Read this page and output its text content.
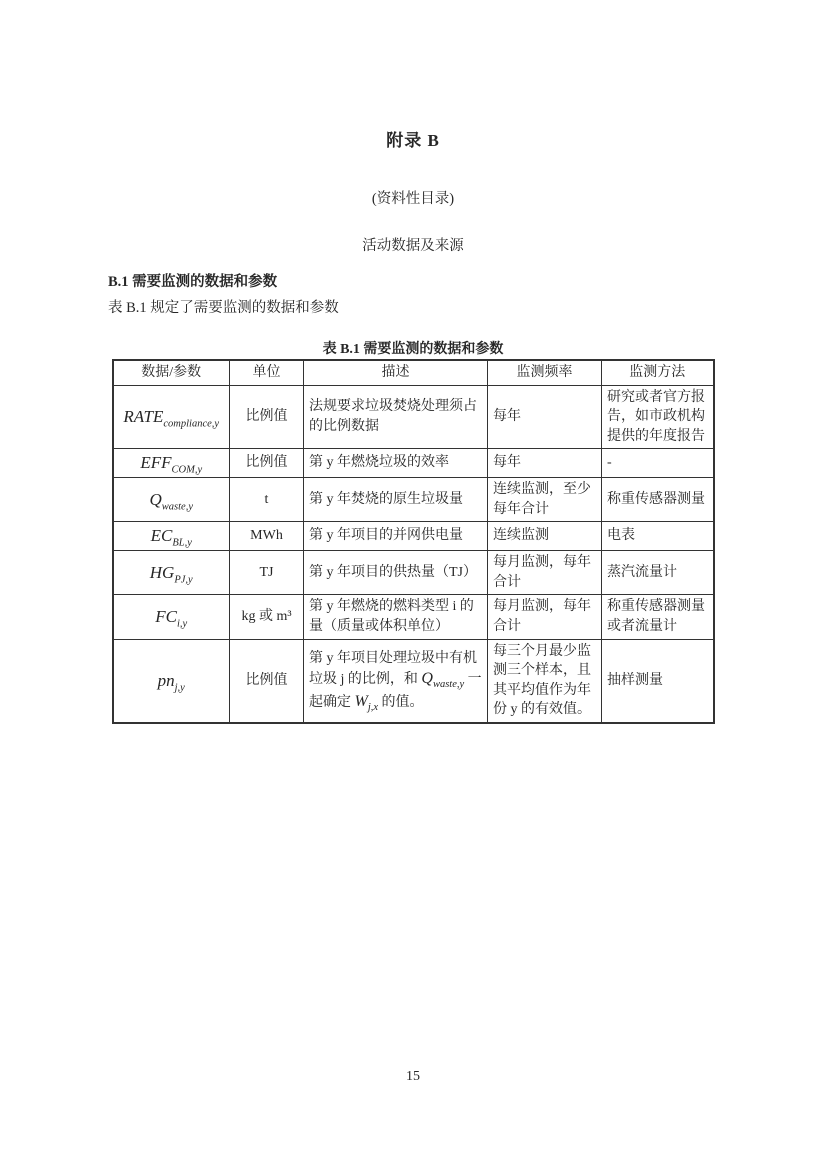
附录 B
(资料性目录)
活动数据及来源
B.1 需要监测的数据和参数
表 B.1 规定了需要监测的数据和参数
表 B.1 需要监测的数据和参数
数据/参数	单位	描述	监测频率	监测方法
$RATE_{compliance,y}$	比例值	法规要求垃圾焚烧处理须占的比例数据	每年	研究或者官方报告，如市政机构提供的年度报告
$EFF_{COM,y}$	比例值	第 y 年燃烧垃圾的效率	每年	-
$Q_{waste,y}$	t	第 y 年焚烧的原生垃圾量	连续监测，至少每年合计	称重传感器测量
$EC_{BL,y}$	MWh	第 y 年项目的并网供电量	连续监测	电表
$HG_{PJ,y}$	TJ	第 y 年项目的供热量（TJ）	每月监测，每年合计	蒸汽流量计
$FC_{i,y}$	kg 或 m³	第 y 年燃烧的燃料类型 i 的量（质量或体积单位）	每月监测，每年合计	称重传感器测量或者流量计
$pn_{j,y}$	比例值	第 y 年项目处理垃圾中有机垃圾 j 的比例，和 $Q_{waste,y}$ 一起确定 $W_{j,x}$ 的值。	每三个月最少监测三个样本，且其平均值作为年份 y 的有效值。	抽样测量
15
